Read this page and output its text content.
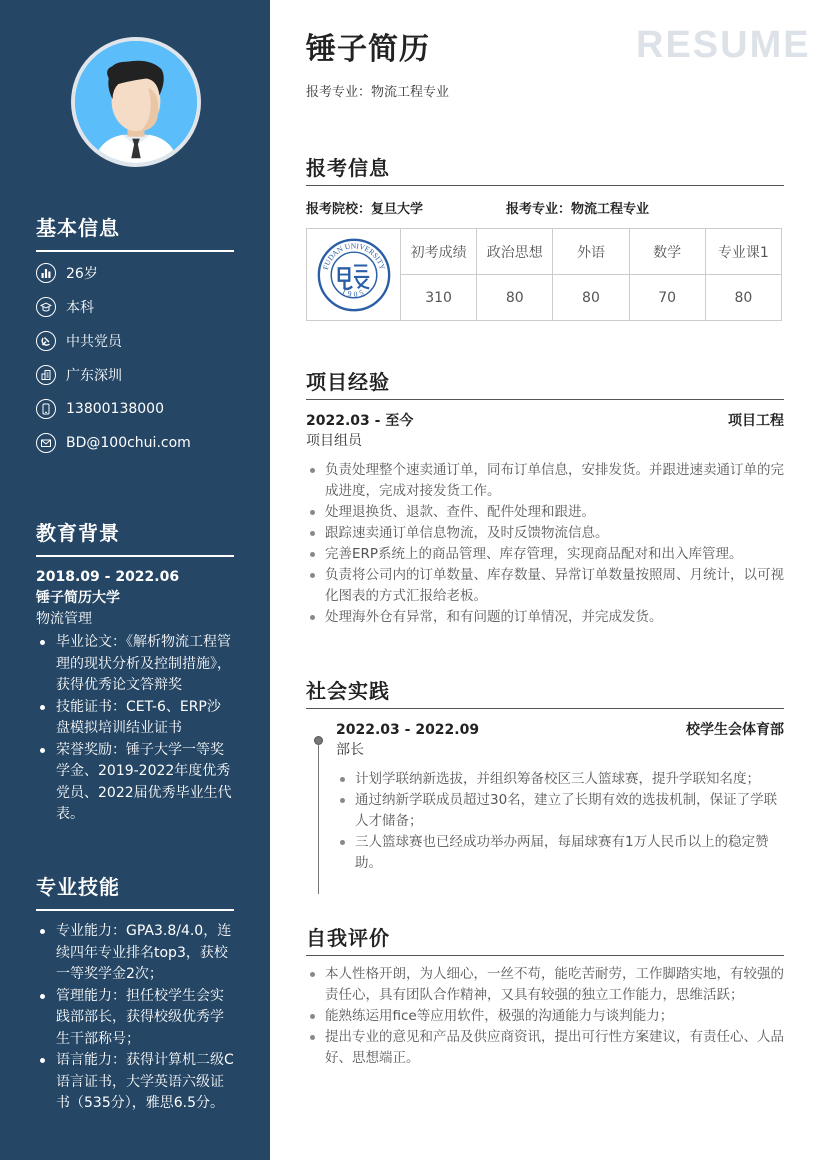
基本信息
26岁
本科
中共党员
广东深圳
13800138000
BD@100chui.com
教育背景
2018.09 - 2022.06
锤子简历大学
物流管理
毕业论文：《解析物流工程管理的现状分析及控制措施》，获得优秀论文答辩奖
技能证书：CET-6、ERP沙盘模拟培训结业证书
荣誉奖励：锤子大学一等奖学金、2019-2022年度优秀党员、2022届优秀毕业生代表。
专业技能
专业能力：GPA3.8/4.0，连续四年专业排名top3，获校一等奖学金2次；
管理能力：担任校学生会实践部部长，获得校级优秀学生干部称号；
语言能力：获得计算机二级C语言证书，大学英语六级证书（535分），雅思6.5分。
锤子简历	RESUME
报考专业：物流工程专业
报考信息
报考院校：复旦大学	报考专业：物流工程专业
FUDAN UNIVERSITY
1905	初考成绩	政治思想	外语	数学	专业课1
	310	80	80	70	80
项目经验
2022.03 - 至今	项目工程
项目组员
负责处理整个速卖通订单，同布订单信息，安排发货。并跟进速卖通订单的完成进度，完成对接发货工作。
处理退换货、退款、查件、配件处理和跟进。
跟踪速卖通订单信息物流，及时反馈物流信息。
完善ERP系统上的商品管理、库存管理，实现商品配对和出入库管理。
负责将公司内的订单数量、库存数量、异常订单数量按照周、月统计，以可视化图表的方式汇报给老板。
处理海外仓有异常，和有问题的订单情况，并完成发货。
社会实践
2022.03 - 2022.09	校学生会体育部
部长
计划学联纳新选拔，并组织筹备校区三人篮球赛，提升学联知名度；
通过纳新学联成员超过30名，建立了长期有效的选拔机制，保证了学联人才储备；
三人篮球赛也已经成功举办两届，每届球赛有1万人民币以上的稳定赞助。
自我评价
本人性格开朗，为人细心，一丝不苟，能吃苦耐劳，工作脚踏实地，有较强的责任心，具有团队合作精神，又具有较强的独立工作能力，思维活跃；
能熟练运用fice等应用软件，极强的沟通能力与谈判能力；
提出专业的意见和产品及供应商资讯，提出可行性方案建议，有责任心、人品好、思想端正。
